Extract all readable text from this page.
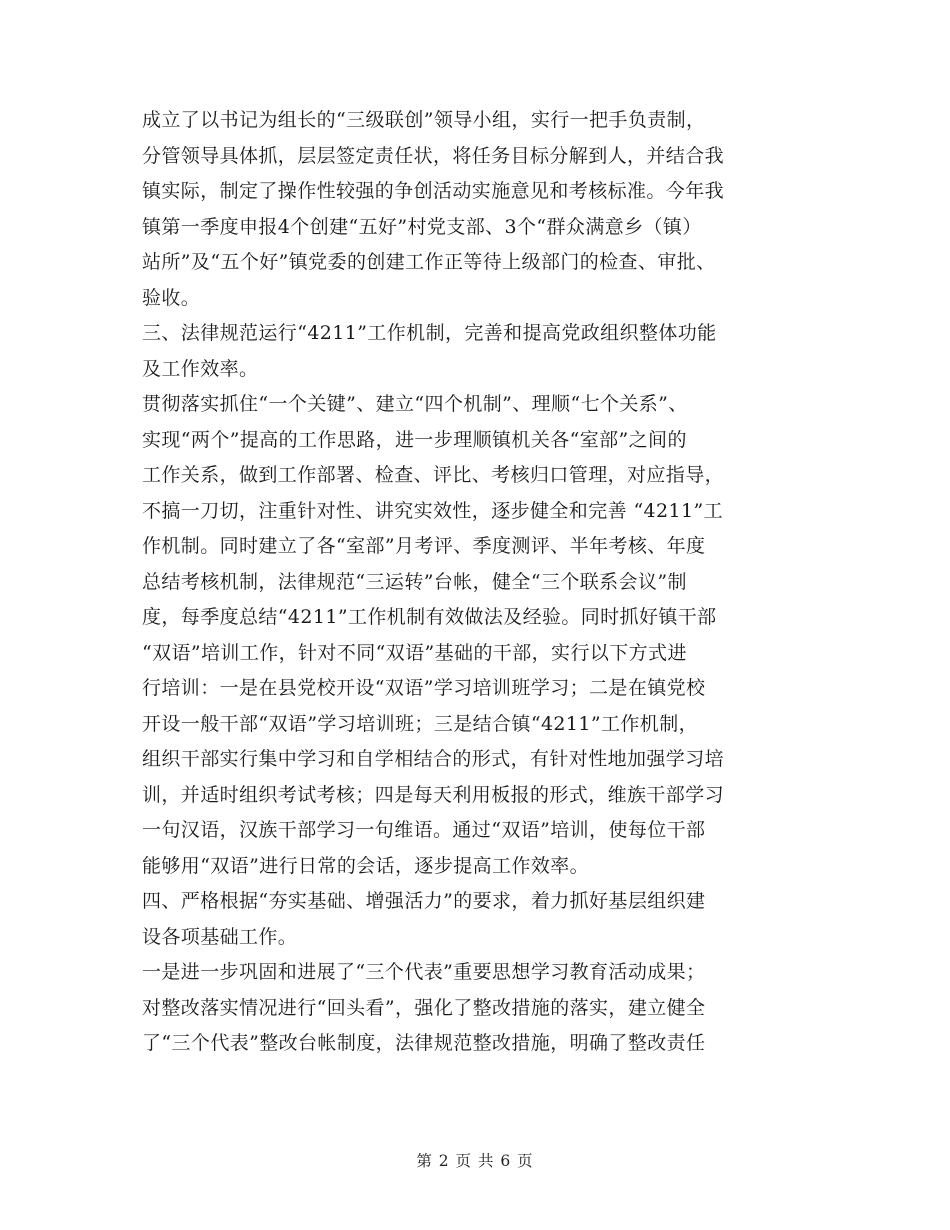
成立了以书记为组长的“三级联创”领导小组，实行一把手负责制，
分管领导具体抓，层层签定责任状，将任务目标分解到人，并结合我
镇实际，制定了操作性较强的争创活动实施意见和考核标准。今年我
镇第一季度申报4个创建“五好”村党支部、3个“群众满意乡（镇）
站所”及“五个好”镇党委的创建工作正等待上级部门的检查、审批、
验收。
三、法律规范运行“4211”工作机制，完善和提高党政组织整体功能
及工作效率。
贯彻落实抓住“一个关键”、建立“四个机制”、理顺“七个关系”、
实现“两个”提高的工作思路，进一步理顺镇机关各“室部”之间的
工作关系，做到工作部署、检查、评比、考核归口管理，对应指导，
不搞一刀切，注重针对性、讲究实效性，逐步健全和完善 “4211”工
作机制。同时建立了各“室部”月考评、季度测评、半年考核、年度
总结考核机制，法律规范“三运转”台帐，健全“三个联系会议”制
度，每季度总结“4211”工作机制有效做法及经验。同时抓好镇干部
“双语”培训工作，针对不同“双语”基础的干部，实行以下方式进
行培训：一是在县党校开设“双语”学习培训班学习；二是在镇党校
开设一般干部“双语”学习培训班；三是结合镇“4211”工作机制，
组织干部实行集中学习和自学相结合的形式，有针对性地加强学习培
训，并适时组织考试考核；四是每天利用板报的形式，维族干部学习
一句汉语，汉族干部学习一句维语。通过“双语”培训，使每位干部
能够用“双语”进行日常的会话，逐步提高工作效率。
四、严格根据“夯实基础、增强活力”的要求，着力抓好基层组织建
设各项基础工作。
一是进一步巩固和进展了“三个代表”重要思想学习教育活动成果；
对整改落实情况进行“回头看”，强化了整改措施的落实，建立健全
了“三个代表”整改台帐制度，法律规范整改措施，明确了整改责任
第 2 页 共 6 页
